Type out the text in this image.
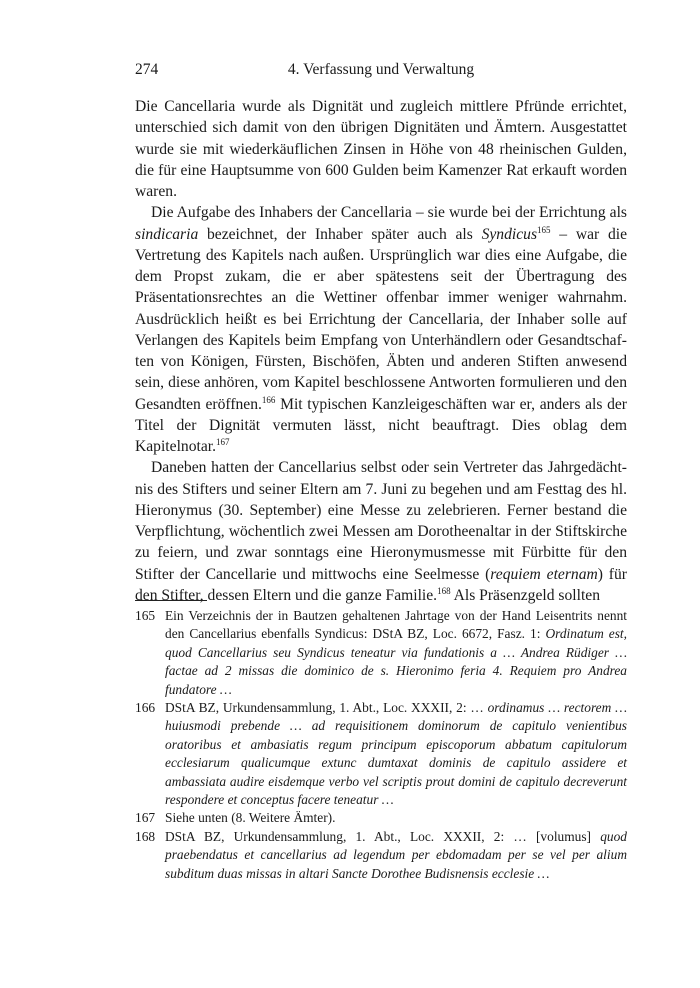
274	4. Verfassung und Verwaltung

Die Cancellaria wurde als Dignität und zugleich mittlere Pfründe errichtet, unterschied sich damit von den übrigen Dignitäten und Ämtern. Ausgestattet wurde sie mit wiederkäuflichen Zinsen in Höhe von 48 rheinischen Gulden, die für eine Hauptsumme von 600 Gulden beim Kamenzer Rat erkauft worden waren.

Die Aufgabe des Inhabers der Cancellaria – sie wurde bei der Errichtung als sindicaria bezeichnet, der Inhaber später auch als Syndicus$^{165}$ – war die Vertretung des Kapitels nach außen. Ursprünglich war dies eine Aufgabe, die dem Propst zukam, die er aber spätestens seit der Übertragung des Präsentationsrechtes an die Wettiner offenbar immer weniger wahrnahm. Ausdrücklich heißt es bei Errichtung der Cancellaria, der Inhaber solle auf Verlangen des Kapitels beim Empfang von Unterhändlern oder Gesandtschaften von Königen, Fürsten, Bischöfen, Äbten und anderen Stiften anwesend sein, diese anhören, vom Kapitel beschlossene Antworten formulieren und den Gesandten eröffnen.$^{166}$ Mit typischen Kanzleigeschäften war er, anders als der Titel der Dignität vermuten lässt, nicht beauftragt. Dies oblag dem Kapitelnotar.$^{167}$

Daneben hatten der Cancellarius selbst oder sein Vertreter das Jahrgedächtnis des Stifters und seiner Eltern am 7. Juni zu begehen und am Festtag des hl. Hieronymus (30. September) eine Messe zu zelebrieren. Ferner bestand die Verpflichtung, wöchentlich zwei Messen am Dorotheenaltar in der Stiftskirche zu feiern, und zwar sonntags eine Hieronymusmesse mit Fürbitte für den Stifter der Cancellarie und mittwochs eine Seelmesse (requiem eternam) für den Stifter, dessen Eltern und die ganze Familie.$^{168}$ Als Präsenzgeld sollten

165 Ein Verzeichnis der in Bautzen gehaltenen Jahrtage von der Hand Leisentrits nennt den Cancellarius ebenfalls Syndicus: DStA BZ, Loc. 6672, Fasz. 1: Ordinatum est, quod Cancellarius seu Syndicus teneatur via fundationis a … Andrea Rüdiger … factae ad 2 missas die dominico de s. Hieronimo feria 4. Requiem pro Andrea fundatore …
166 DStA BZ, Urkundensammlung, 1. Abt., Loc. XXXII, 2: … ordinamus … rectorem … huiusmodi prebende … ad requisitionem dominorum de capitulo venientibus oratoribus et ambasiatis regum principum episcoporum abbatum capitulorum ecclesiarum qualicumque extunc dumtaxat dominis de capitulo assidere et ambassiata audire eisdemque verbo vel scriptis prout domini de capitulo decreverunt respondere et conceptus facere teneatur …
167 Siehe unten (8. Weitere Ämter).
168 DStA BZ, Urkundensammlung, 1. Abt., Loc. XXXII, 2: … [volumus] quod praebendatus et cancellarius ad legendum per ebdomadam per se vel per alium subditum duas missas in altari Sancte Dorothee Budisnensis ecclesie …
